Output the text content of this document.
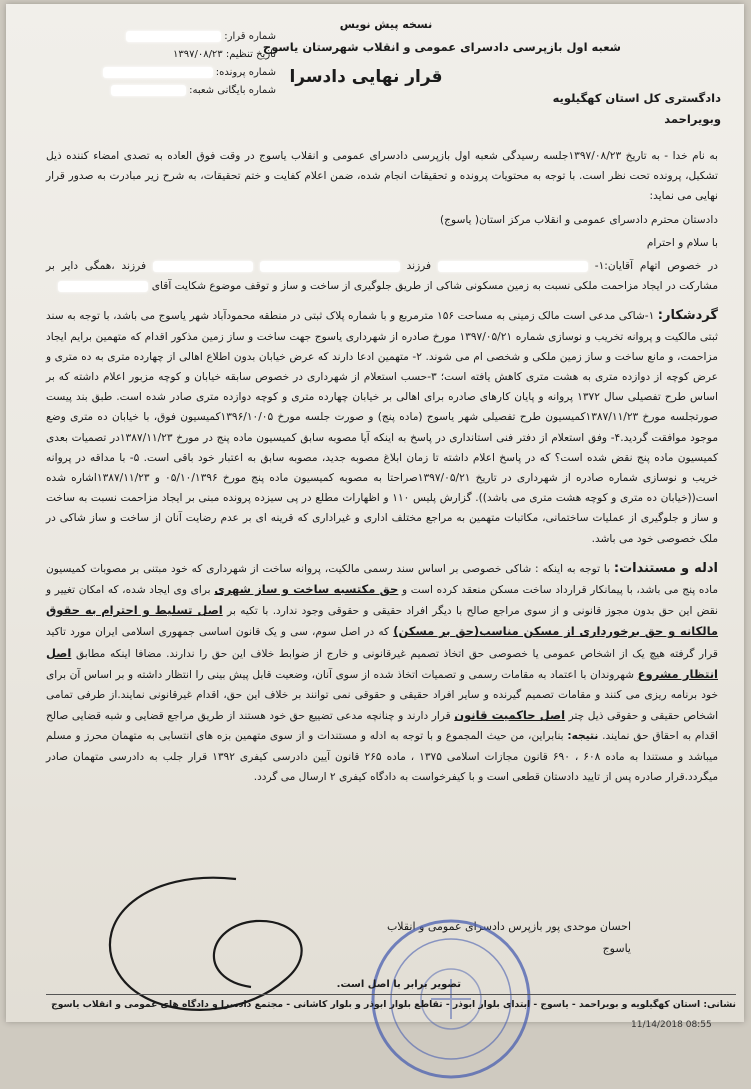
نسخه پیش نویس
شعبه اول بازپرسی دادسرای عمومی و انقلاب شهرستان یاسوج
قرار نهایی دادسرا
دادگستری کل استان کهگیلویه
وبویراحمد
شماره قرار:
تاریخ تنظیم: ۱۳۹۷/۰۸/۲۳
شماره پرونده:
شماره بایگانی شعبه:

به نام خدا - به تاریخ ۱۳۹۷/۰۸/۲۳جلسه رسیدگی شعبه اول بازپرسی دادسرای عمومی و انقلاب یاسوج در وقت فوق العاده به تصدی امضاء کننده ذیل تشکیل، پرونده تحت نظر است. با توجه به محتویات پرونده و تحقیقات انجام شده، ضمن اعلام کفایت و ختم تحقیقات، به شرح زیر مبادرت به صدور قرار نهایی می نماید:

دادستان محترم دادسرای عمومی و انقلاب مرکز استان( یاسوج)

با سلام و احترام

در خصوص اتهام آقایان:۱-  فرزند   فرزند ،همگی دایر بر مشارکت در ایجاد مزاحمت ملکی نسبت به زمین مسکونی شاکی از طریق جلوگیری از ساخت و ساز و توقف موضوع شکایت آقای

گردشکار: ۱-شاکی مدعی است مالک زمینی به مساحت ۱۵۶ مترمربع و با شماره پلاک ثبتی در منطقه محمودآباد شهر یاسوج می باشد، با توجه به سند ثبتی مالکیت و پروانه تخریب و نوسازی شماره ۱۳۹۷/۰۵/۲۱ مورخ صادره از شهرداری یاسوج جهت ساخت و ساز زمین مذکور اقدام که متهمین برایم ایجاد مزاحمت، و مانع ساخت و ساز زمین ملکی و شخصی ام می شوند. ۲- متهمین ادعا دارند که عرض خیابان بدون اطلاع اهالی از چهارده متری به ده متری و عرض کوچه از دوازده متری به هشت متری کاهش یافته است؛ ۳-حسب استعلام از شهرداری در خصوص سابقه خیابان و کوچه مزبور اعلام داشته که بر اساس طرح تفصیلی سال ۱۳۷۲ پروانه و پایان کارهای صادره برای اهالی بر خیابان چهارده متری و کوچه دوازده متری صادر شده است. طبق بند پیست صورتجلسه مورخ ۱۳۸۷/۱۱/۲۳کمیسیون طرح تفصیلی شهر یاسوج (ماده پنج) و صورت جلسه مورخ ۱۳۹۶/۱۰/۰۵کمیسیون فوق، با خیابان ده متری وضع موجود موافقت گردید.۴- وفق استعلام از دفتر فنی استانداری در پاسخ به اینکه آیا مصوبه سابق کمیسیون ماده پنج در مورخ ۱۳۸۷/۱۱/۲۳در تصمیات بعدی کمیسیون ماده پنج نقض شده است؟ که در پاسخ اعلام داشته تا زمان ابلاغ مصوبه جدید، مصوبه سابق به اعتبار خود باقی است. ۵- با مداقه در پروانه خریب و نوسازی شماره صادره از شهرداری در تاریخ ۱۳۹۷/۰۵/۲۱صراحتا به مصوبه کمیسیون ماده پنج مورخ ۰۵/۱۰/۱۳۹۶ و ۱۳۸۷/۱۱/۲۳اشاره شده است((خیابان ده متری و کوچه هشت متری می باشد)). گزارش پلیس ۱۱۰ و اظهارات مطلع در پی سیزده پرونده مبنی بر ایجاد مزاحمت نسبت به ساخت و ساز و جلوگیری از عملیات ساختمانی، مکاتبات متهمین به مراجع مختلف اداری و غیراداری که قرینه ای بر عدم رضایت آنان از ساخت و ساز شاکی در ملک خصوصی خود می باشد.

ادله و مستندات: با توجه به اینکه : شاکی خصوصی بر اساس سند رسمی مالکیت، پروانه ساخت از شهرداری که خود مبتنی بر مصوبات کمیسیون ماده پنج می باشد، با پیمانکار قرارداد ساخت مسکن منعقد کرده است و حق مکتسبه ساخت و ساز شهری برای وی ایجاد شده، که امکان تغییر و نقض این حق بدون مجوز قانونی و از سوی مراجع صالح با دیگر افراد حقیقی و حقوقی وجود ندارد. با تکیه بر اصل تسلیط و احترام به حقوق مالکانه و حق برخورداری از مسکن مناسب(حق بر مسکن) که در اصل سوم، سی و یک قانون اساسی جمهوری اسلامی ایران مورد تاکید قرار گرفته هیچ یک از اشخاص عمومی یا خصوصی حق اتخاذ تصمیم غیرقانونی و خارج از ضوابط خلاف این حق را ندارند. مضافا اینکه مطابق اصل انتظار مشروع شهروندان با اعتماد به مقامات رسمی و تصمیات اتخاذ شده از سوی آنان، وضعیت قابل پیش بینی را انتظار داشته و بر اساس آن برای خود برنامه ریزی می کنند و مقامات تصمیم گیرنده و سایر افراد حقیقی و حقوقی نمی توانند بر خلاف این حق، اقدام غیرقانونی نمایند.از طرفی تمامی اشخاص حقیقی و حقوقی ذیل چتر اصل حاکمیت قانون قرار دارند و چنانچه مدعی تضییع حق خود هستند از طریق مراجع قضایی و شبه قضایی صالح اقدام به احقاق حق نمایند. نتیجه: بنابراین، من حیث المجموع و با توجه به ادله و مستندات و از سوی متهمین بزه های انتسابی به متهمان محرز و مسلم میباشد و مستندا به ماده ۶۰۸ ، ۶۹۰ قانون مجازات اسلامی ۱۳۷۵ ، ماده ۲۶۵ قانون آیین دادرسی کیفری ۱۳۹۲ قرار جلب به دادرسی متهمان صادر میگردد.قرار صادره پس از تایید دادستان قطعی است و با کیفرخواست به دادگاه کیفری ۲ ارسال می گردد.

احسان موحدی پور بازپرس دادسرای عمومی و انقلاب
یاسوج
تصویر برابر با اصل است.
نشانی: استان کهگیلویه و بویراحمد - یاسوج - ابتدای بلوار ابوذر - تقاطع بلوار ابوذر و بلوار کاشانی - مجتمع دادسرا و دادگاه های عمومی و انقلاب یاسوج
11/14/2018 08:55
